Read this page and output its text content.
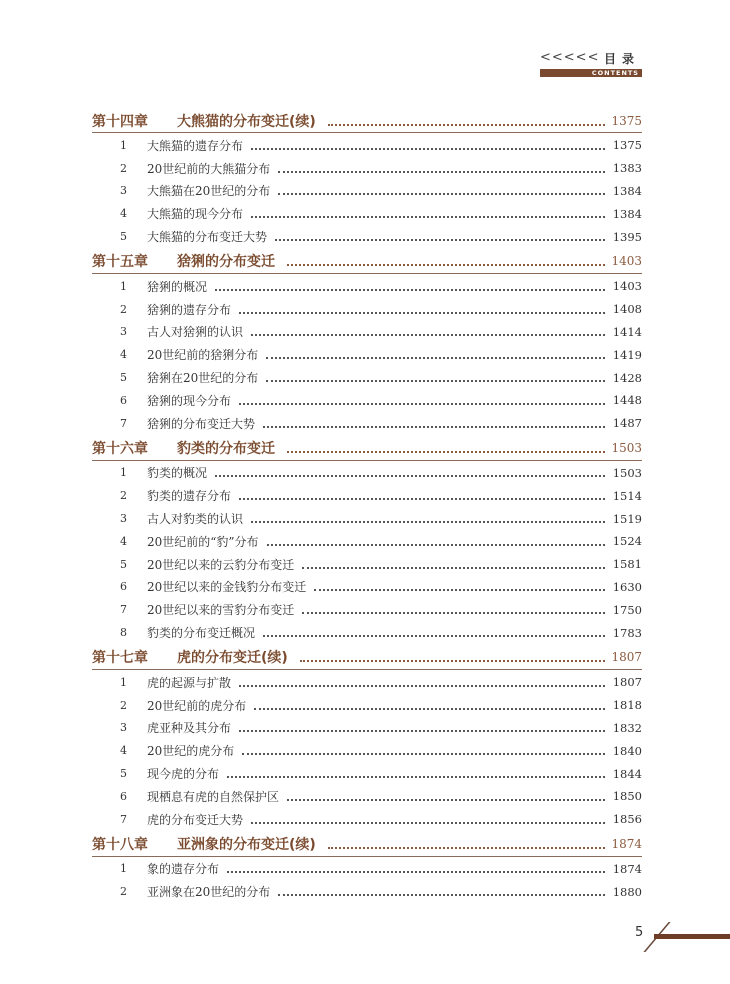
<<<<< 目录
CONTENTS
第十四章	大熊猫的分布变迁(续)	1375
1	大熊猫的遗存分布	1375
2	20世纪前的大熊猫分布	1383
3	大熊猫在20世纪的分布	1384
4	大熊猫的现今分布	1384
5	大熊猫的分布变迁大势	1395
第十五章	猞猁的分布变迁	1403
1	猞猁的概况	1403
2	猞猁的遗存分布	1408
3	古人对猞猁的认识	1414
4	20世纪前的猞猁分布	1419
5	猞猁在20世纪的分布	1428
6	猞猁的现今分布	1448
7	猞猁的分布变迁大势	1487
第十六章	豹类的分布变迁	1503
1	豹类的概况	1503
2	豹类的遗存分布	1514
3	古人对豹类的认识	1519
4	20世纪前的“豹”分布	1524
5	20世纪以来的云豹分布变迁	1581
6	20世纪以来的金钱豹分布变迁	1630
7	20世纪以来的雪豹分布变迁	1750
8	豹类的分布变迁概况	1783
第十七章	虎的分布变迁(续)	1807
1	虎的起源与扩散	1807
2	20世纪前的虎分布	1818
3	虎亚种及其分布	1832
4	20世纪的虎分布	1840
5	现今虎的分布	1844
6	现栖息有虎的自然保护区	1850
7	虎的分布变迁大势	1856
第十八章	亚洲象的分布变迁(续)	1874
1	象的遗存分布	1874
2	亚洲象在20世纪的分布	1880
5
